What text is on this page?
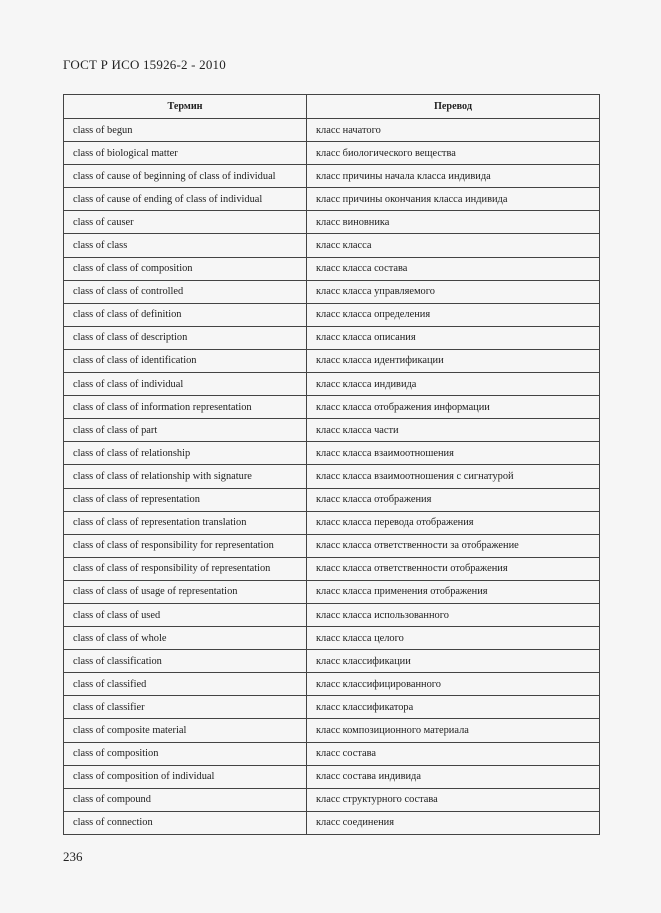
ГОСТ Р ИСО 15926-2 - 2010
Термин	Перевод
class of begun	класс начатого
class of biological matter	класс биологического вещества
class of cause of beginning of class of individual	класс причины начала класса индивида
class of cause of ending of class of individual	класс причины окончания класса индивида
class of causer	класс виновника
class of class	класс класса
class of class of composition	класс класса состава
class of class of controlled	класс класса управляемого
class of class of definition	класс класса определения
class of class of description	класс класса описания
class of class of identification	класс класса идентификации
class of class of individual	класс класса индивида
class of class of information representation	класс класса отображения информации
class of class of part	класс класса части
class of class of relationship	класс класса взаимоотношения
class of class of relationship with signature	класс класса взаимоотношения с сигнатурой
class of class of representation	класс класса отображения
class of class of representation translation	класс класса перевода отображения
class of class of responsibility for representation	класс класса ответственности за отображение
class of class of responsibility of representation	класс класса ответственности отображения
class of class of usage of representation	класс класса применения отображения
class of class of used	класс класса использованного
class of class of whole	класс класса целого
class of classification	класс классификации
class of classified	класс классифицированного
class of classifier	класс классификатора
class of composite material	класс композиционного материала
class of composition	класс состава
class of composition of individual	класс состава индивида
class of compound	класс структурного состава
class of connection	класс соединения
236
